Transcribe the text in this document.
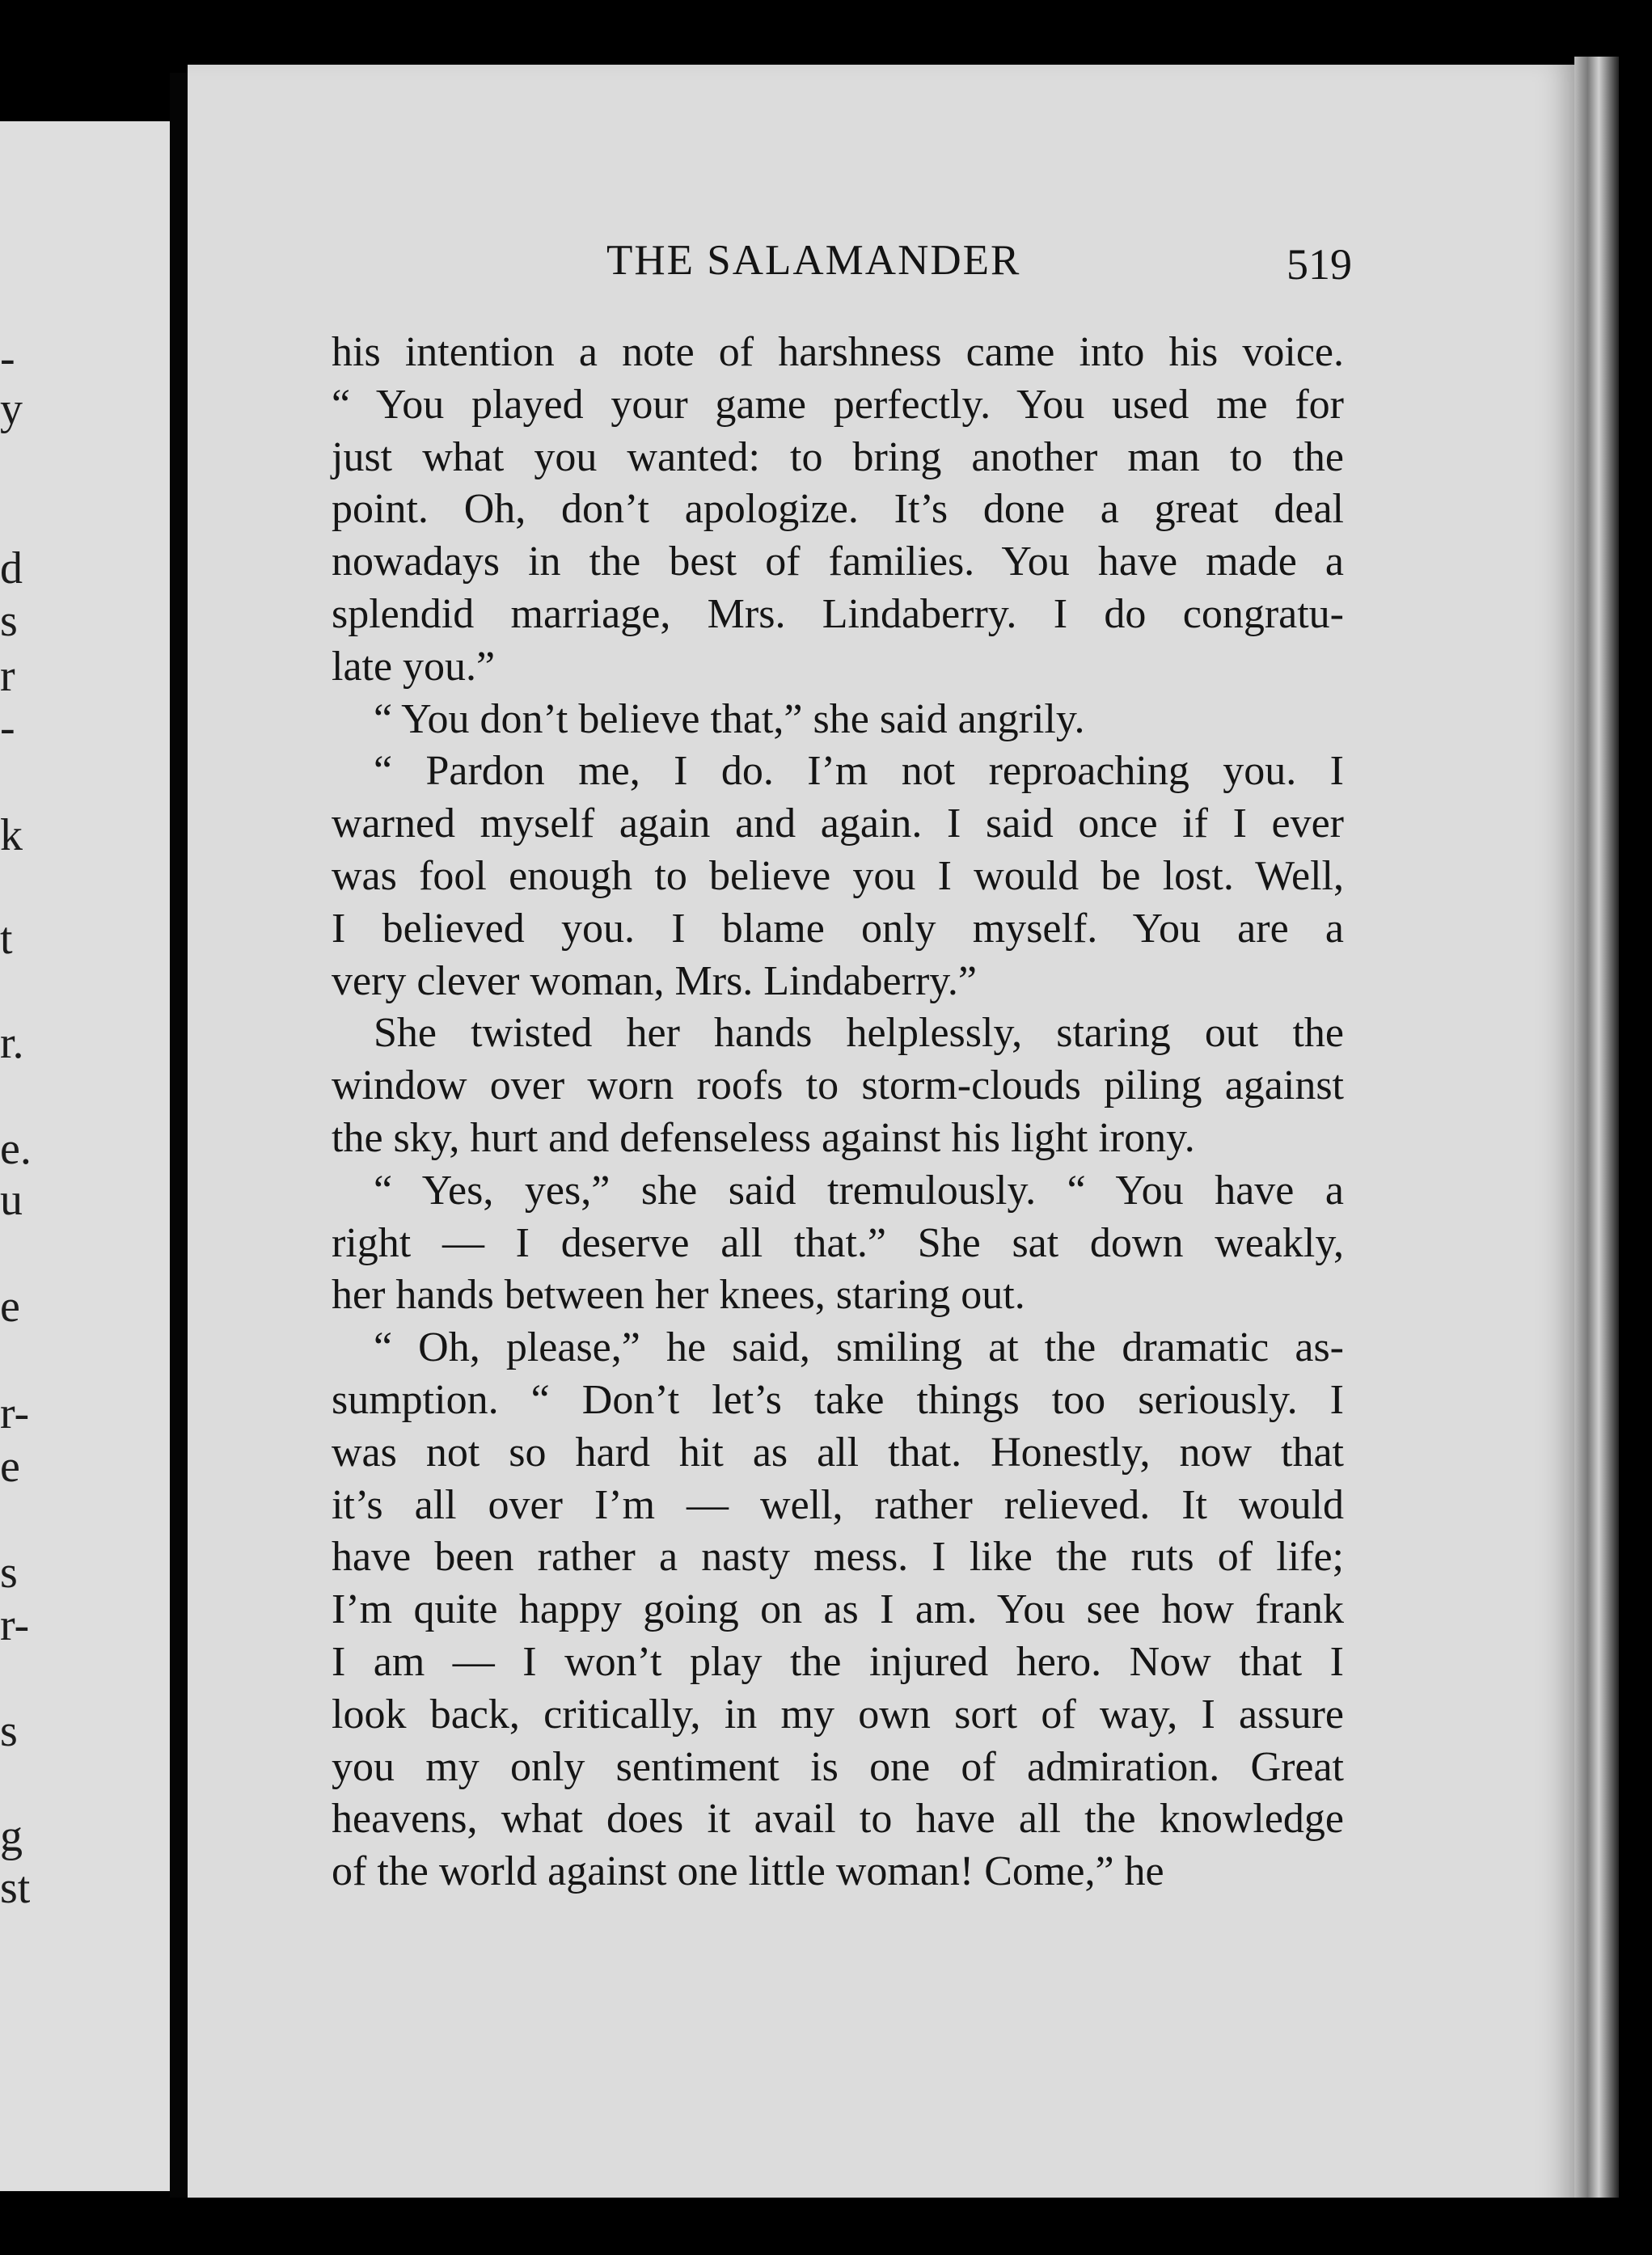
-
y
d
s
r
-
k
t
r.
e.
u
e
r-
e
s
r-
s
g
st
THE SALAMANDER	519

his intention a note of harshness came into his voice.
“ You played your game perfectly. You used me for
just what you wanted: to bring another man to the
point. Oh, don’t apologize. It’s done a great deal
nowadays in the best of families. You have made a
splendid marriage, Mrs. Lindaberry. I do congratu-
late you.”

“ You don’t believe that,” she said angrily.

“ Pardon me, I do. I’m not reproaching you. I
warned myself again and again. I said once if I ever
was fool enough to believe you I would be lost. Well,
I believed you. I blame only myself. You are a
very clever woman, Mrs. Lindaberry.”

She twisted her hands helplessly, staring out the
window over worn roofs to storm-clouds piling against
the sky, hurt and defenseless against his light irony.

“ Yes, yes,” she said tremulously. “ You have a
right — I deserve all that.” She sat down weakly,
her hands between her knees, staring out.

“ Oh, please,” he said, smiling at the dramatic as-
sumption. “ Don’t let’s take things too seriously. I
was not so hard hit as all that. Honestly, now that
it’s all over I’m — well, rather relieved. It would
have been rather a nasty mess. I like the ruts of life;
I’m quite happy going on as I am. You see how frank
I am — I won’t play the injured hero. Now that I
look back, critically, in my own sort of way, I assure
you my only sentiment is one of admiration. Great
heavens, what does it avail to have all the knowledge
of the world against one little woman! Come,” he
